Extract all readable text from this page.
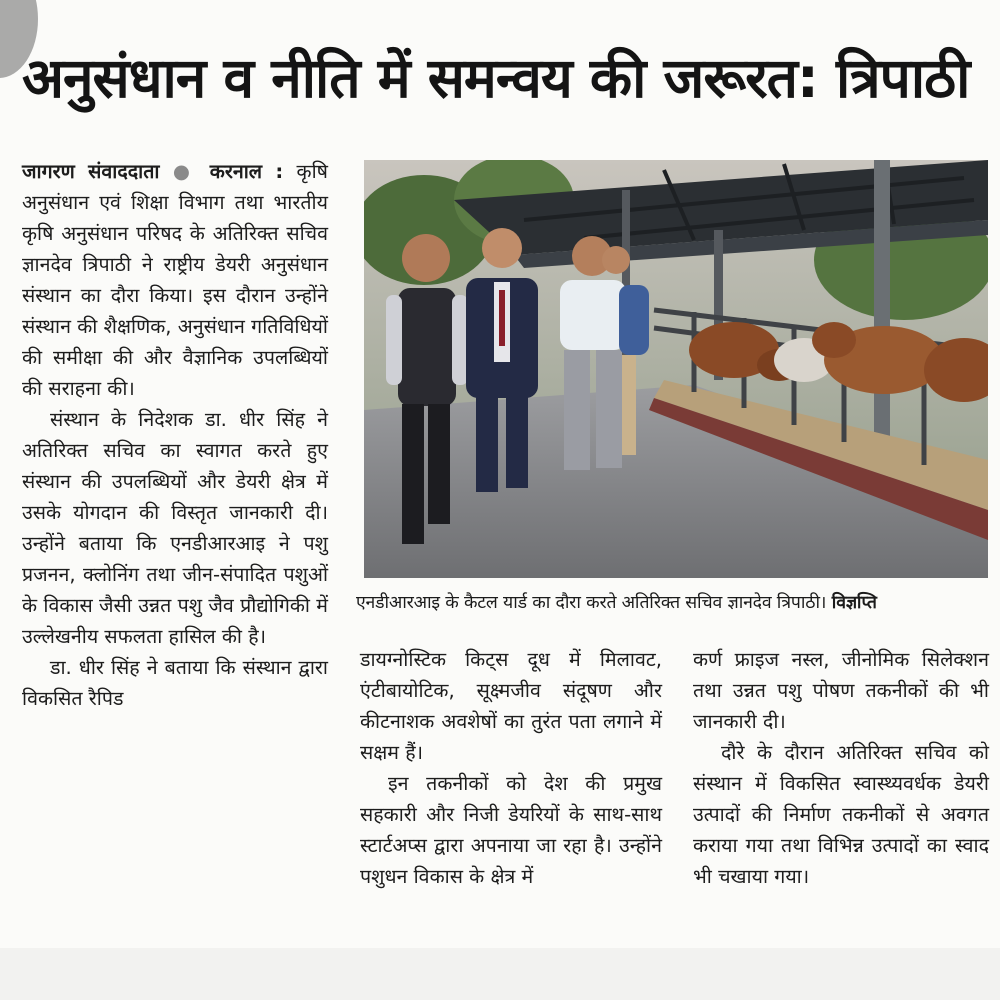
अनुसंधान व नीति में समन्वय की जरूरत: त्रिपाठी

जागरण संवाददाता ● करनाल : कृषि अनुसंधान एवं शिक्षा विभाग तथा भारतीय कृषि अनुसंधान परिषद के अतिरिक्त सचिव ज्ञानदेव त्रिपाठी ने राष्ट्रीय डेयरी अनुसंधान संस्थान का दौरा किया। इस दौरान उन्होंने संस्थान की शैक्षणिक, अनुसंधान गतिविधियों की समीक्षा की और वैज्ञानिक उपलब्धियों की सराहना की।

संस्थान के निदेशक डा. धीर सिंह ने अतिरिक्त सचिव का स्वागत करते हुए संस्थान की उपलब्धियों और डेयरी क्षेत्र में उसके योगदान की विस्तृत जानकारी दी। उन्होंने बताया कि एनडीआरआइ ने पशु प्रजनन, क्लोनिंग तथा जीन-संपादित पशुओं के विकास जैसी उन्नत पशु जैव प्रौद्योगिकी में उल्लेखनीय सफलता हासिल की है।

डा. धीर सिंह ने बताया कि संस्थान द्वारा विकसित रैपिड

एनडीआरआइ के कैटल यार्ड का दौरा करते अतिरिक्त सचिव ज्ञानदेव त्रिपाठी। विज्ञप्ति

डायग्नोस्टिक किट्स दूध में मिलावट, एंटीबायोटिक, सूक्ष्मजीव संदूषण और कीटनाशक अवशेषों का तुरंत पता लगाने में सक्षम हैं।

इन तकनीकों को देश की प्रमुख सहकारी और निजी डेयरियों के साथ-साथ स्टार्टअप्स द्वारा अपनाया जा रहा है। उन्होंने पशुधन विकास के क्षेत्र में

कर्ण फ्राइज नस्ल, जीनोमिक सिलेक्शन तथा उन्नत पशु पोषण तकनीकों की भी जानकारी दी।

दौरे के दौरान अतिरिक्त सचिव को संस्थान में विकसित स्वास्थ्यवर्धक डेयरी उत्पादों की निर्माण तकनीकों से अवगत कराया गया तथा विभिन्न उत्पादों का स्वाद भी चखाया गया।
